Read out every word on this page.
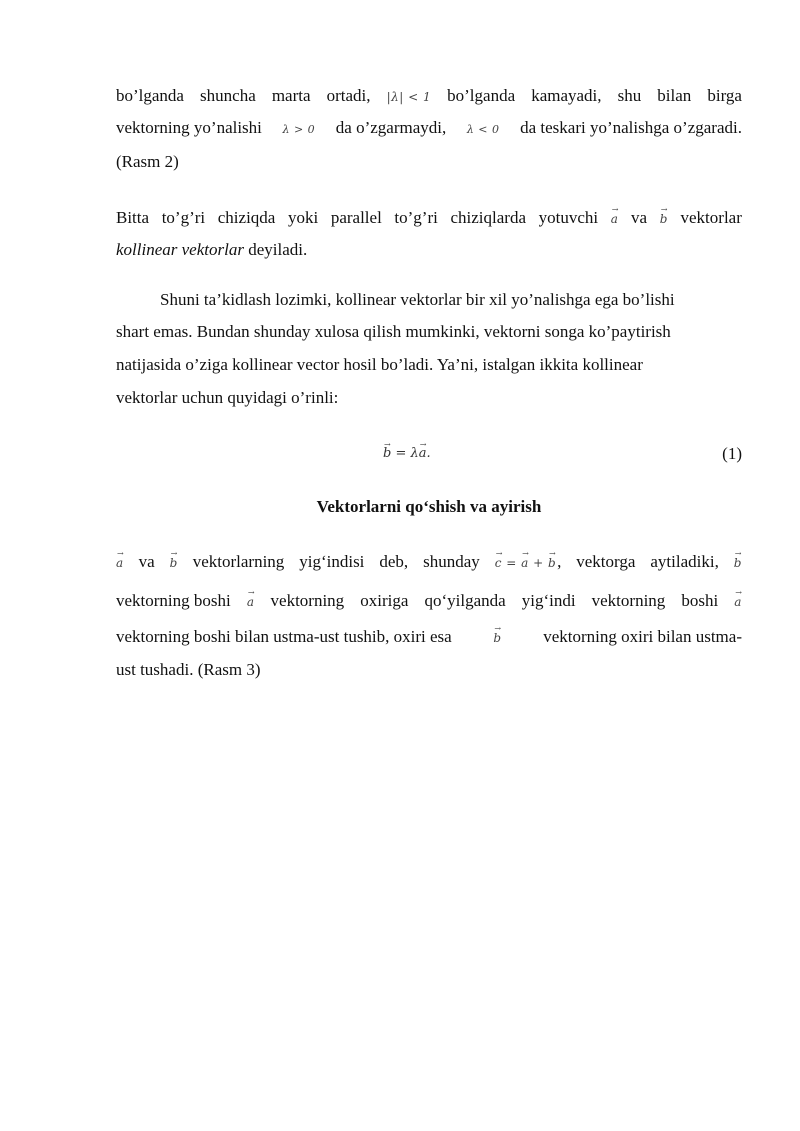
bo’lganda shuncha marta ortadi, |λ| < 1 bo’lganda kamayadi, shu bilan birga
vektorning yo’nalishi λ > 0 da o’zgarmaydi, λ < 0 da teskari yo’nalishga o’zgaradi.
(Rasm 2)
Bitta to’g’ri chiziqda yoki parallel to’g’ri chiziqlarda yotuvchi → a va → b vektorlar
kollinear vektorlar deyiladi.
Shuni ta’kidlash lozimki, kollinear vektorlar bir xil yo’nalishga ega bo’lishi
shart emas. Bundan shunday xulosa qilish mumkinki, vektorni songa ko’paytirish
natijasida o’ziga kollinear vector hosil bo’ladi. Ya’ni, istalgan ikkita kollinear
vektorlar uchun quyidagi o’rinli:
→ b = λ→ a.	(1)
Vektorlarni qo‘shish va ayirish
→ a va → b vektorlarning yig‘indisi deb, shunday → c = → a + → b , vektorga aytiladiki, → b
vektorning boshi → a vektorning oxiriga qo‘yilganda yig‘indi vektorning boshi → a
vektorning boshi bilan ustma-ust tushib, oxiri esa	→ b vektorning oxiri bilan ustma-
ust tushadi. (Rasm 3)
